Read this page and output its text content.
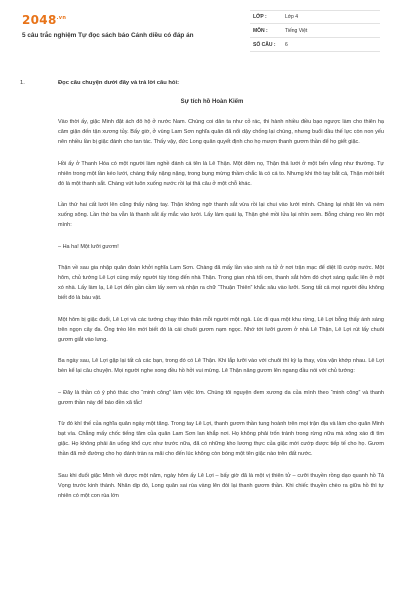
$2048^{.vn}$
5 câu trắc nghiệm Tự đọc sách báo Cánh diều có đáp án
LỚP :	Lớp 4
MÔN :	Tiếng Việt
SỐ CÂU :	6
1.	Đọc câu chuyện dưới đây và trả lời câu hỏi:
Sự tích hồ Hoàn Kiếm

Vào thời ấy, giặc Minh đặt ách đô hộ ở nước Nam. Chúng coi dân ta như cỏ rác, thi hành nhiều điều bạo ngược làm cho thiên hạ căm giận đến tận xương tủy. Bấy giờ, ở vùng Lam Sơn nghĩa quân đã nổi dậy chống lại chúng, nhưng buổi đầu thế lực còn non yếu nên nhiều lần bị giặc đánh cho tan tác. Thấy vậy, đức Long quân quyết định cho họ mượn thanh gươm thần để họ giết giặc.

Hồi ấy ở Thanh Hóa có một người làm nghề đánh cá tên là Lê Thận. Một đêm nọ, Thận thả lưới ở một bến vắng như thường. Tự nhiên trong một lần kéo lưới, chàng thấy nặng nặng, trong bụng mừng thầm chắc là có cá to. Nhưng khi thò tay bắt cá, Thận mới biết đó là một thanh sắt. Chàng vứt luôn xuống nước rồi lại thả câu ở một chỗ khác.

Lần thứ hai cất lưới lên cũng thấy nặng tay. Thận không ngờ thanh sắt vừa rồi lại chui vào lưới mình. Chàng lại nhặt lên và ném xuống sông. Lần thứ ba vẫn là thanh sắt ấy mắc vào lưới. Lấy làm quái lạ, Thận ghé mồi lửa lại nhìn xem. Bỗng chàng reo lên một mình:

– Ha ha! Một lưỡi gươm!

Thận về sau gia nhập quân đoàn khởi nghĩa Lam Sơn. Chàng đã mấy lần vào sinh ra tử ở nơi trận mạc để diệt lũ cướp nước. Một hôm, chủ tướng Lê Lợi cùng mấy người tùy tòng đến nhà Thận. Trong gian nhà tối om, thanh sắt hôm đó chợt sáng quắc lên ở một xó nhà. Lấy làm lạ, Lê Lợi đến gần cầm lấy xem và nhận ra chữ “Thuận Thiên” khắc sâu vào lưỡi. Song tất cả mọi người đều không biết đó là báu vật.

Một hôm bị giặc đuổi, Lê Lợi và các tướng chạy tháo thân mỗi người một ngả. Lúc đi qua một khu rừng, Lê Lợi bỗng thấy ánh sáng trên ngọn cây đa. Ông trèo lên mới biết đó là cái chuôi gươm nạm ngọc. Nhớ tới lưỡi gươm ở nhà Lê Thận, Lê Lợi rút lấy chuôi gươm giắt vào lưng.

Ba ngày sau, Lê Lợi gặp lại tất cả các bạn, trong đó có Lê Thận. Khi lắp lưỡi vào với chuôi thì kỳ lạ thay, vừa vặn khớp nhau. Lê Lợi bèn kể lại câu chuyện. Mọi người nghe xong đều hồ hởi vui mừng. Lê Thận nâng gươm lên ngang đầu nói với chủ tướng:

– Đây là thần có ý phó thác cho “minh công” làm việc lớn. Chúng tôi nguyện đem xương da của mình theo “minh công” và thanh gươm thần này để báo đền xã tắc!

Từ đó khí thế của nghĩa quân ngày một tăng. Trong tay Lê Lợi, thanh gươm thần tung hoành trên mọi trận địa và làm cho quân Minh bạt vía. Chẳng mấy chốc tiếng tăm của quân Lam Sơn lan khắp nơi. Họ không phải trốn tránh trong rừng nữa mà xông xáo đi tìm giặc. Họ không phải ăn uống khổ cực như trước nữa, đã có những kho lương thực của giặc mới cướp được tiếp tế cho họ. Gươm thần đã mở đường cho họ đánh tràn ra mãi cho đến lúc không còn bóng một tên giặc nào trên đất nước.

Sau khi đuổi giặc Minh về được một năm, ngày hôm ấy Lê Lợi – bấy giờ đã là một vị thiên tử – cưỡi thuyền rồng dạo quanh hồ Tả Vọng trước kinh thành. Nhân dịp đó, Long quân sai rùa vàng lên đòi lại thanh gươm thần. Khi chiếc thuyền chèo ra giữa hồ thì tự nhiên có một con rùa lớn
